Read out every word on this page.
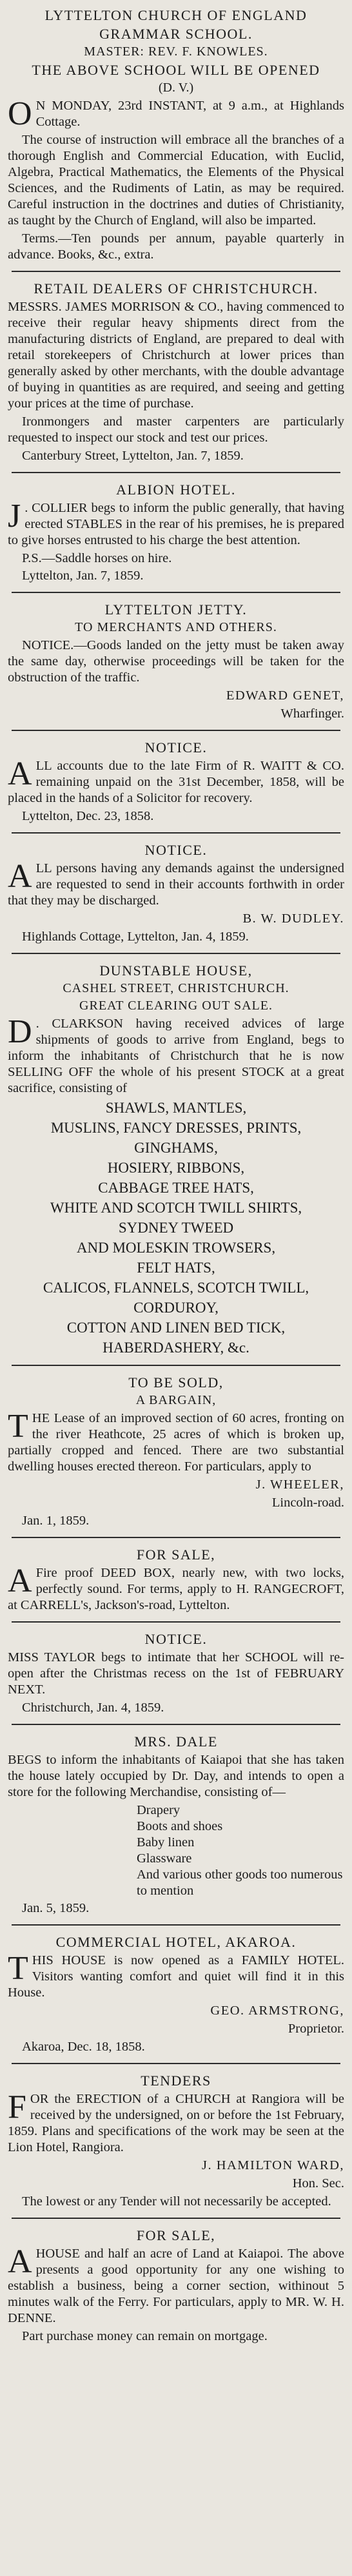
LYTTELTON CHURCH OF ENGLAND
GRAMMAR SCHOOL.
MASTER: REV. F. KNOWLES.
THE ABOVE SCHOOL WILL BE OPENED
(D. V.)

O N MONDAY, 23rd INSTANT, at 9 a.m., at Highlands Cottage.

The course of instruction will embrace all the branches of a thorough English and Commercial Education, with Euclid, Algebra, Practical Mathematics, the Elements of the Physical Sciences, and the Rudiments of Latin, as may be required. Careful instruction in the doctrines and duties of Christianity, as taught by the Church of England, will also be imparted.

Terms.—Ten pounds per annum, payable quarterly in advance. Books, &c., extra.

RETAIL DEALERS OF CHRISTCHURCH.

MESSRS. JAMES MORRISON & CO., having commenced to receive their regular heavy shipments direct from the manufacturing districts of England, are prepared to deal with retail storekeepers of Christchurch at lower prices than generally asked by other merchants, with the double advantage of buying in quantities as are required, and seeing and getting your prices at the time of purchase.

Ironmongers and master carpenters are particularly requested to inspect our stock and test our prices.

Canterbury Street, Lyttelton, Jan. 7, 1859.

ALBION HOTEL.

J . COLLIER begs to inform the public generally, that having erected STABLES in the rear of his premises, he is prepared to give horses entrusted to his charge the best attention.

P.S.—Saddle horses on hire.

Lyttelton, Jan. 7, 1859.

LYTTELTON JETTY.
TO MERCHANTS AND OTHERS.

NOTICE.—Goods landed on the jetty must be taken away the same day, otherwise proceedings will be taken for the obstruction of the traffic.

EDWARD GENET,

Wharfinger.

NOTICE.

ALL accounts due to the late Firm of R. WAITT & CO. remaining unpaid on the 31st December, 1858, will be placed in the hands of a Solicitor for recovery.

Lyttelton, Dec. 23, 1858.

NOTICE.

ALL persons having any demands against the undersigned are requested to send in their accounts forthwith in order that they may be discharged.

B. W. DUDLEY.

Highlands Cottage, Lyttelton, Jan. 4, 1859.

DUNSTABLE HOUSE,
CASHEL STREET, CHRISTCHURCH.
GREAT CLEARING OUT SALE.

D . CLARKSON having received advices of large shipments of goods to arrive from England, begs to inform the inhabitants of Christchurch that he is now SELLING OFF the whole of his present STOCK at a great sacrifice, consisting of

SHAWLS, MANTLES,
MUSLINS, FANCY DRESSES, PRINTS,
GINGHAMS,
HOSIERY, RIBBONS,
CABBAGE TREE HATS,
WHITE AND SCOTCH TWILL SHIRTS,
SYDNEY TWEED
AND MOLESKIN TROWSERS,
FELT HATS,
CALICOS, FLANNELS, SCOTCH TWILL,
CORDUROY,
COTTON AND LINEN BED TICK,
HABERDASHERY, &c.
TO BE SOLD,
A BARGAIN,

THE Lease of an improved section of 60 acres, fronting on the river Heathcote, 25 acres of which is broken up, partially cropped and fenced. There are two substantial dwelling houses erected thereon. For particulars, apply to

J. WHEELER,

Lincoln-road.

Jan. 1, 1859.

FOR SALE,

A Fire proof DEED BOX, nearly new, with two locks, perfectly sound. For terms, apply to H. RANGECROFT, at CARRELL's, Jackson's-road, Lyttelton.

NOTICE.

MISS TAYLOR begs to intimate that her SCHOOL will re-open after the Christmas recess on the 1st of FEBRUARY NEXT.

Christchurch, Jan. 4, 1859.

MRS. DALE

BEGS to inform the inhabitants of Kaiapoi that she has taken the house lately occupied by Dr. Day, and intends to open a store for the following Merchandise, consisting of—

Drapery
Boots and shoes
Baby linen
Glassware
And various other goods too numerous to mention

Jan. 5, 1859.

COMMERCIAL HOTEL, AKAROA.

THIS HOUSE is now opened as a FAMILY HOTEL. Visitors wanting comfort and quiet will find it in this House.

GEO. ARMSTRONG,

Proprietor.

Akaroa, Dec. 18, 1858.

TENDERS

FOR the ERECTION of a CHURCH at Rangiora will be received by the undersigned, on or before the 1st February, 1859. Plans and specifications of the work may be seen at the Lion Hotel, Rangiora.

J. HAMILTON WARD,

Hon. Sec.

The lowest or any Tender will not necessarily be accepted.

FOR SALE,

A HOUSE and half an acre of Land at Kaiapoi. The above presents a good opportunity for any one wishing to establish a business, being a corner section, withinout 5 minutes walk of the Ferry. For particulars, apply to MR. W. H. DENNE.

Part purchase money can remain on mortgage.
